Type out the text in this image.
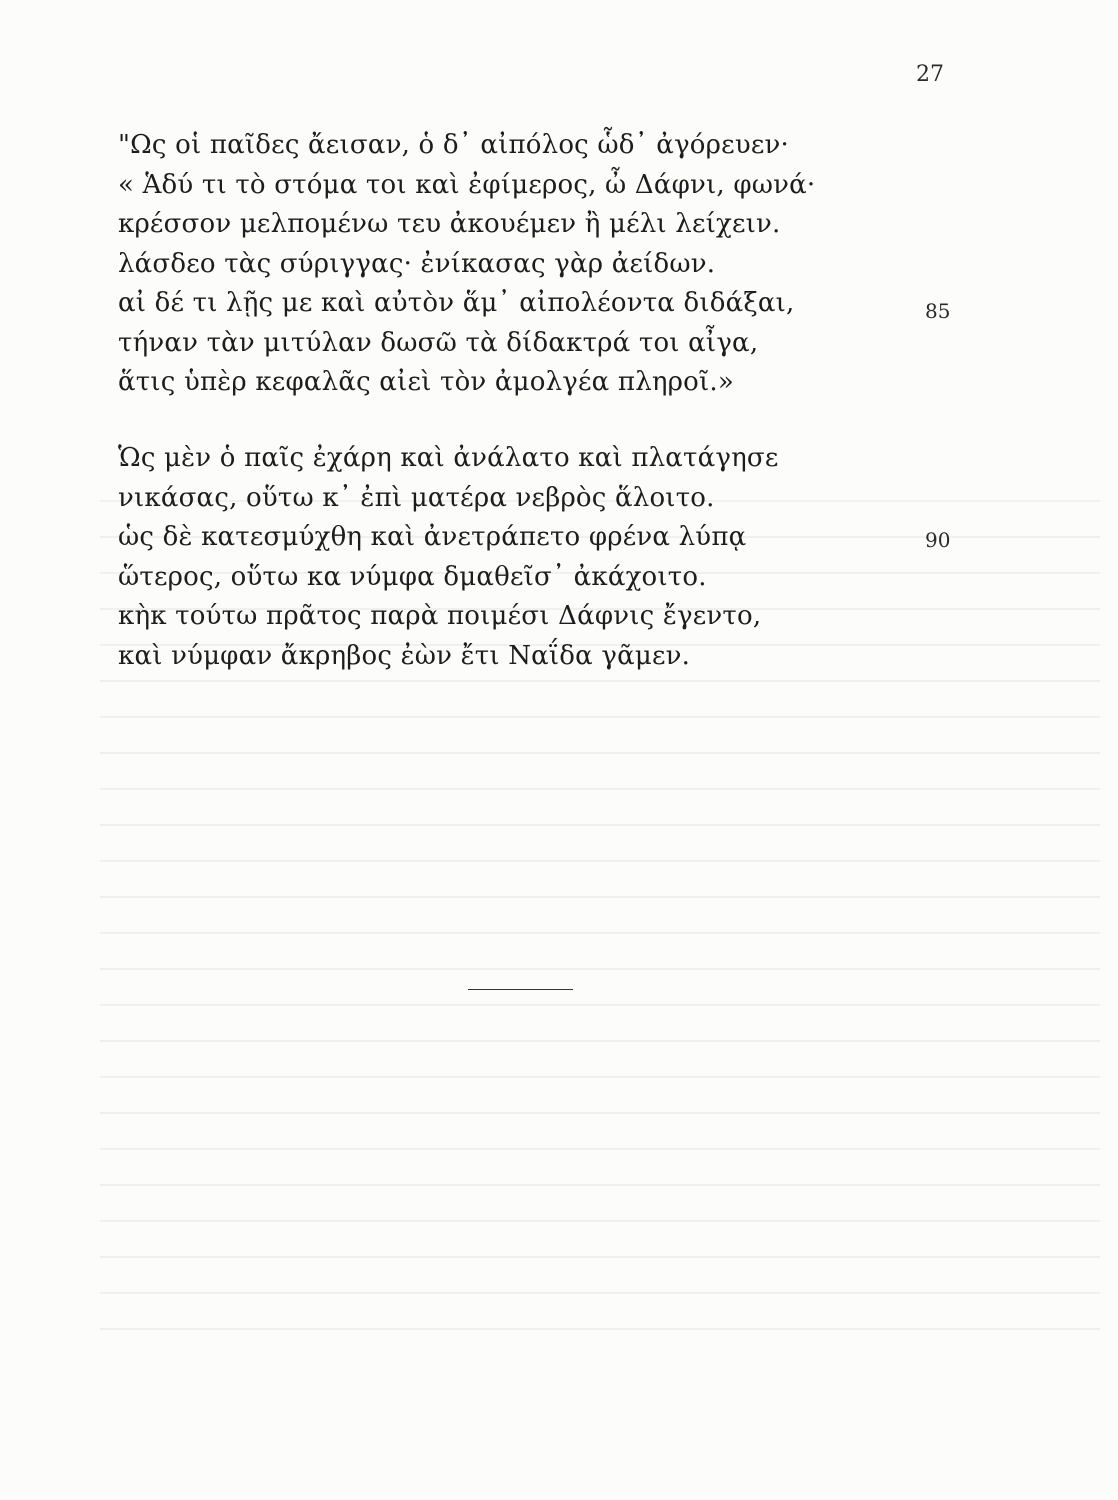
27
"Ως οἱ παῖδες ἄεισαν, ὁ δ᾽ αἰπόλος ὧδ᾽ ἀγόρευεν·
« Ἁδύ τι τὸ στόμα τοι καὶ ἐφίμερος, ὦ Δάφνι, φωνά·
κρέσσον μελπομένω τευ ἀκουέμεν ἢ μέλι λείχειν.
λάσδεο τὰς σύριγγας· ἐνίκασας γὰρ ἀείδων.
αἰ δέ τι λῇς με καὶ αὐτὸν ἅμ᾽ αἰπολέοντα διδάξαι,
τήναν τὰν μιτύλαν δωσῶ τὰ δίδακτρά τοι αἶγα,
ἅτις ὑπὲρ κεφαλᾶς αἰεὶ τὸν ἀμολγέα πληροῖ.»
85
Ὡς μὲν ὁ παῖς ἐχάρη καὶ ἀνάλατο καὶ πλατάγησε
νικάσας, οὕτω κ᾽ ἐπὶ ματέρα νεβρὸς ἅλοιτο.
ὡς δὲ κατεσμύχθη καὶ ἀνετράπετο φρένα λύπᾳ
ὥτερος, οὕτω κα νύμφα δμαθεῖσ᾽ ἀκάχοιτο.
κὴκ τούτω πρᾶτος παρὰ ποιμέσι Δάφνις ἔγεντο,
καὶ νύμφαν ἄκρηβος ἐὼν ἔτι Ναΐδα γᾶμεν.
90
